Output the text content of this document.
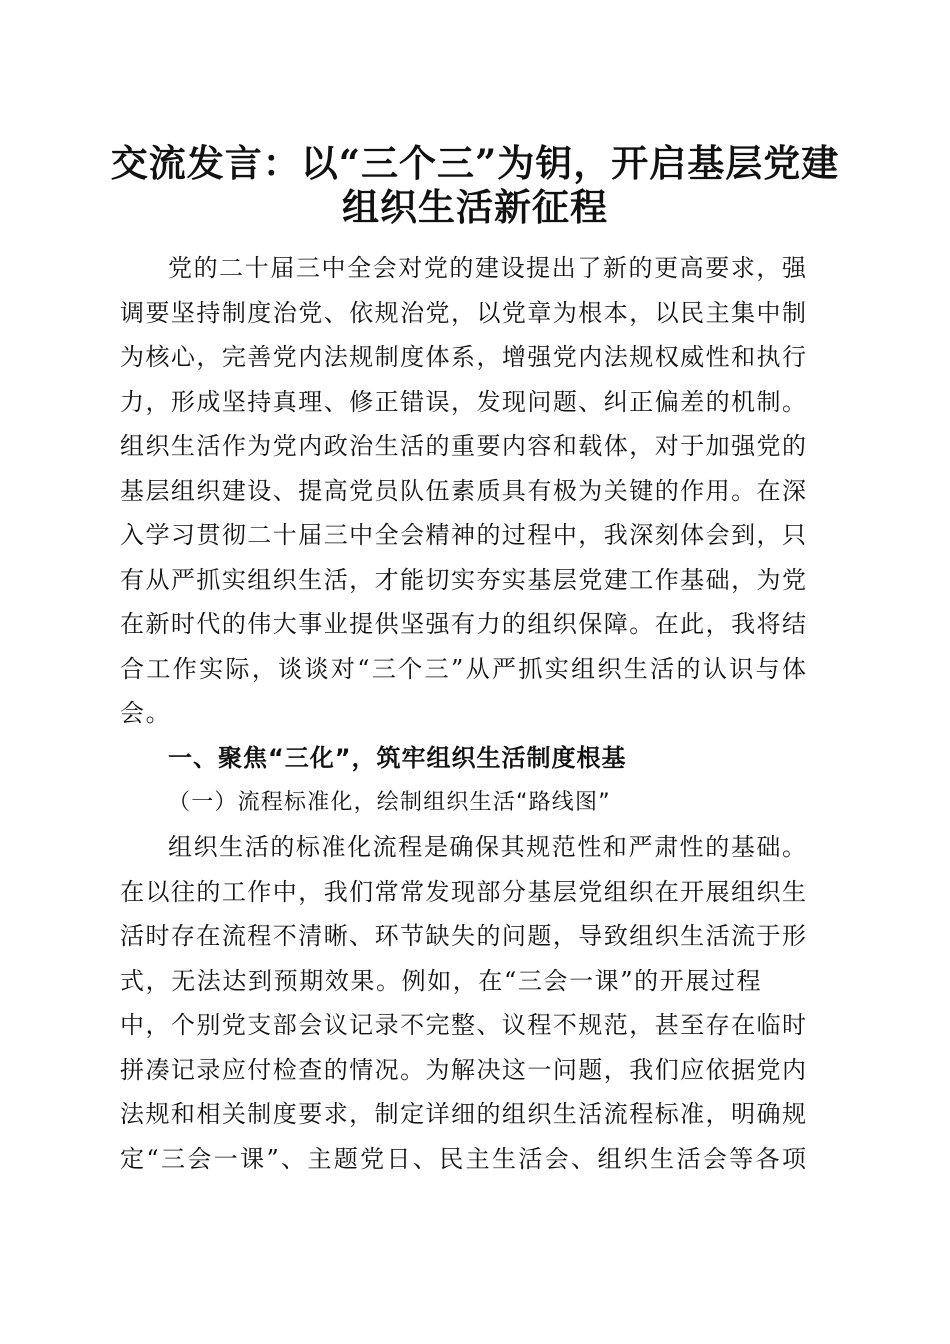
交流发言：以“三个三”为钥，开启基层党建
组织生活新征程
党的二十届三中全会对党的建设提出了新的更高要求，强
调要坚持制度治党、依规治党，以党章为根本，以民主集中制
为核心，完善党内法规制度体系，增强党内法规权威性和执行
力，形成坚持真理、修正错误，发现问题、纠正偏差的机制。
组织生活作为党内政治生活的重要内容和载体，对于加强党的
基层组织建设、提高党员队伍素质具有极为关键的作用。在深
入学习贯彻二十届三中全会精神的过程中，我深刻体会到，只
有从严抓实组织生活，才能切实夯实基层党建工作基础，为党
在新时代的伟大事业提供坚强有力的组织保障。在此，我将结
合工作实际，谈谈对“三个三”从严抓实组织生活的认识与体
会。
一、聚焦“三化”，筑牢组织生活制度根基
（一）流程标准化，绘制组织生活“路线图”
组织生活的标准化流程是确保其规范性和严肃性的基础。
在以往的工作中，我们常常发现部分基层党组织在开展组织生
活时存在流程不清晰、环节缺失的问题，导致组织生活流于形
式，无法达到预期效果。例如，在“三会一课”的开展过程
中，个别党支部会议记录不完整、议程不规范，甚至存在临时
拼凑记录应付检查的情况。为解决这一问题，我们应依据党内
法规和相关制度要求，制定详细的组织生活流程标准，明确规
定“三会一课”、主题党日、民主生活会、组织生活会等各项
